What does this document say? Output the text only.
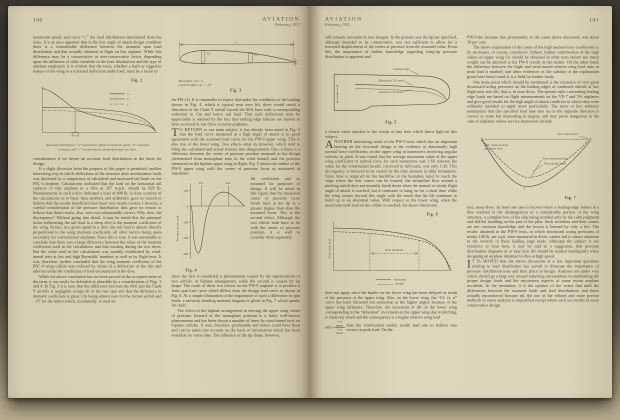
100	AVIATION
February, 1931

maximum speed, and curve “c,” the load distribution determined from the rules. It is at once apparent that in the low angle of attack design condition there is a considerable difference between the assumed span load distribution and that actually obtained in flight on this airplane. While this difference may be a conservative or non-conservative factor, depending upon the influence of other variables in the load distribution and the type of airplane employed, it is evident that the twist, whether a built or rigged-in feature of the wing or a torsional deflection under load, must be a factor to

Fig. 2
a
b
c
Span load distribution: “a” measured in flight at maximum speed, “b” assumed
in design, and “c” the distribution determined from the rules.

consideration if we desire an accurate load distribution as the basis for design.

If a slight diversion from the purpose of this paper is permitted, another interesting way in which deflections of the structure alter aerodynamic loads was disclosed by a comparison of calculated and measured tail loads on the F6C-4 airplane. Calculations indicated that the load on the horizontal tail surfaces of this airplane in a dive at 267 m.p.h. should be 920 lb. Measurements in such a dive indicated a load of 408 lb. A close scrutiny of the calculations as to basic data, method, and arithmetic gave no reason to believe that the results should not have been very nearly correct. Likewise, a careful consideration of the pressure distribution data gave no reason to believe that these results, also, were not substantially correct. Why, then, the discrepancy? Without going into detail, it may be stated that the principal factor influencing the tail load in a steep dive is the moment coefficient of the wing. In fact, at a given speed in a dive, the tail load is almost directly proportional to the wing moment coefficient, all other factors being quite secondary for conventional airplanes. Since this is true, it was reasonable to conclude that there was a large difference between the value of the moment coefficient used in the calculations and that existing during the test dives. But the value used in the calculations was soundly established by wind-tunnel tests at low and high Reynolds’ numbers as well as by flight tests. It was, therefore, further concluded that the wing moment coefficient of the F6C-4 wing cellule was reduced by virtue of a deflection of the ribs and ailerons under the conditions of load encountered in the dive.

While the above conclusion has not been proved in the accepted sense of the term, it can easily be defended as plausible by a consideration of Figs. 3 and 4. In Fig. 3 it is seen that the difference between the M-6 and the Clark Y airfoils is negligible except aft of the rear spar and that the difference in moment coefficient is great, Cm being almost zero for the former airfoil and −.07 for the latter (which, incidentally, is used on

c
F.S.	R.S.
M-6 profile, Cm ≈ 0
Clark Y profile, Cm = −.07
Fig. 3

the F6C-4). It is reasonable to expect that under the conditions of rib loading shown in Fig. 4, which is typical near zero lift, there would result a distortion of the Clark Y airfoil toward the M-6 form with a corresponding reduction in Cm and hence tail load. That such deflections may be appreciable is attested by the fact that trailing edge failures are known to have occurred in fast dives on some airplanes.

T O RETURN to our main subject, it has already been noted in Fig. 2 that the load curve measured at a high angle of attack is in good agreement with the assumed load curve for the PW-9 upper wing. This is also true of the lower wing. Two effects enter in, however, which tend to bring the calculated and actual stresses into disagreement. One of these is a difference between the center of pressure position assumed in the design (determined from monoplane tests in the wind tunnel) and the position measured on the biplane upper wing in flight. Fig. 5 shows the outline of the PW-9 upper wing with the center of pressure locus as measured at maximum

100
0
−100
−200
−300
F.S.	R.S.
Pressure, lb. per sq.ft.
Fig. 4

lift coefficient and as assumed for purposes of design. It will be noted in this figure that the measured center of pressure locus bends back at the tip to a greater degree than does the assumed locus. This is the second effect. Although the two effects both have to do with the center of pressure position, it is well to consider them separately

since the first is essentially a phenomenon caused by the superposition of two airfoils, or biplane arrangement, while the second is caused by tip shape. The result of these two effects on the PW-9 airplane is to produce a front spar load curve which differs from the design load curve as shown in Fig. 6. As a simple illustration of the importance of such a difference in spar loads, a net-unity bending moment diagram is given in Fig. 7 which speaks for itself.

The effect of the biplane arrangement in moving the upper wing center of pressure forward of the monoplane position is a fairly well-known phenomenon and has been shown a number of times by wind tunnel tests on biplane cellules. It was, therefore, predictable and hence could have been and can be taken into account on the basis of information which has been available for some time. The influence of the tip shape, however,

AVIATION
February, 1931
101

still remains uncertain in new designs. In the present case the tip bar specified, although intended to be conservative, was not sufficient to allow for a rearward displacement of the center of pressure from the assumed value. From this, the importance of further knowledge regarding wing-tip pressure distribution is apparent and

Leading edge
Measured C.P. travel
Assumed C.P. travel
Fig. 5

a clearer value attaches to the results of any tests which throw light on this subject.

ANOTHER interesting result of the PW-9 tests which has an important bearing on the structural design is the evidence of abnormally high normal force coefficients on the upper wing in maneuvers involving angular velocity in pitch. It was found that the average maximum value of the upper wing coefficient of normal force for such maneuvers was 1.66 whereas the value for the wind-tunnel model, corrected to full-scale, was only 1.43. This discrepancy is believed to be caused by the time element in eddy formations. Since time is required for the backflow in the boundary layer to reach the stage where the first vortex can be formed, the streamline flow around a pitching airfoil does not instantly break down when the normal or steady flight angle of attack is reached, but it continues to hang on for a short time while the wing rotates beyond this angle with the result that the lift continues to build up to an abnormal value. With respect to the lower wing, when the maximum total load on the cellule is reached, the above discussion

Fig. 6
Strut locations
Front spar load
measured
design

does not apply since the burble on the lower wing has been delayed as result of the presence of the upper wing. Also, on the lower wing, the “CL vs. α” curve has been flattened out somewhat at the higher angles because of the upper wing influence. Therefore, the increment of lift on the lower wing corresponding to the “abnormal” increment on the upper wing due to pitching, is relatively small and the consequence is a higher relative wing load

ratio $\frac{\text{Cn upper}}{\text{Cn lower}}$ than the wind-tunnel results would lead one to believe was correct at peak load. On the

PW-9 the increase due, presumably, to the cause above discussed, was about 10 per cent.

The above explanation of the cause of the high normal force coefficients is by no means, of course, conclusive. Indeed, further confirmation of the high values of upper wing Cn should be obtained in other tests before too much weight can be attached to the PW-9 results in this matter. On the other hand, the difference between the flight and wind tunnel relative wing load ratio at peak load is marked, and other evidences of the validity of the explanation given have been found. It is a field for further study.

One more point which should be mentioned is the existence of very great downward acting pressures on the leading edges of cambered airfoils at low flight near zero lift, that is, in nose dives. The present rules concerning leading edge loads are based on flight measurements on the VE-7 and T-6 airplanes and give good results for the high angle of attack condition to which they were evidently intended to apply more particularly. The more or less arbitrary assumption that this specified load may also act in the opposite direction is correct in sense but misleading in degree, and may prove dangerous in the case of airplanes whose service maneuvers include

Max. load assumed
at cabane strut
Strut attachment
From measured data
From design loads
Fig. 7

fast, steep dives. At least one case is known where a leading-edge failure in a dive resulted in the disintegration of a considerable portion of the wing structure, a complete loss of the ship being avoided only by the calm judgment and skillful handling on the part of the pilot. Such accidents and their causes are not common knowledge and the lesson is learned by only a few. The results obtained in the PW-9 tests, in which downward acting pressures of nearly 100 lb. per sq.ft. were measured in dives, cannot fail to attract attention to the severity of these leading edge loads. Although the subject is too extensive to treat here, it may be said as a suggestion, that pressure distribution diagrams at or near zero lift should be studied intelligently when designing an airplane intended to dive at high speed.

I T IS HOPED that the above discussion of a few important questions relating to load distribution has served to illustrate the importance of pressure distribution tests and their place in design. Analyses are under way which should go a long way toward removing uncertainties in establishing the proper design loads and the mysterious aspects of some recent airplane accidents. In the meantime, it is the opinion of the writer that until the differences between the assumed loads and load distributions and those actually encountered become nil, the use of the refined and more precise methods of stress analysis is unjustified except where such use results in more conservative design.
